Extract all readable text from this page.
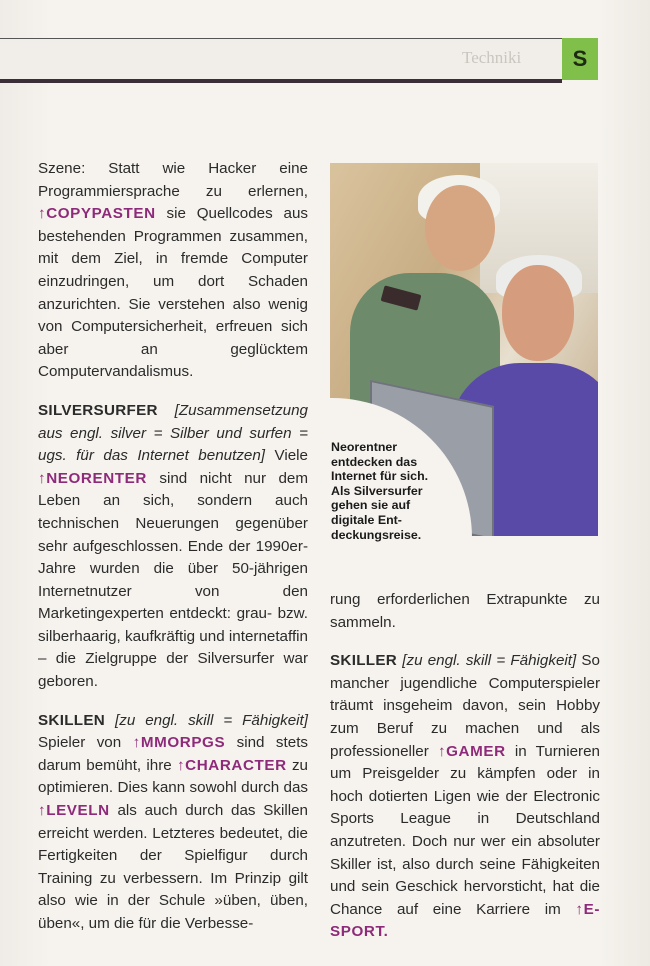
Techniki S

Szene: Statt wie Hacker eine Programmiersprache zu erlernen, ↑COPYPASTEN sie Quellcodes aus bestehenden Programmen zusammen, mit dem Ziel, in fremde Computer einzudringen, um dort Schaden anzurichten. Sie verstehen also wenig von Computersicherheit, erfreuen sich aber an geglücktem Computervandalismus.

SILVERSURFER [Zusammensetzung aus engl. silver = Silber und surfen = ugs. für das Internet benutzen] Viele ↑NEORENTER sind nicht nur dem Leben an sich, sondern auch technischen Neuerungen gegenüber sehr aufgeschlossen. Ende der 1990er-Jahre wurden die über 50-jährigen Internetnutzer von den Marketingexperten entdeckt: grau- bzw. silberhaarig, kaufkräftig und internetaffin – die Zielgruppe der Silversurfer war geboren.

SKILLEN [zu engl. skill = Fähigkeit] Spieler von ↑MMORPGS sind stets darum bemüht, ihre ↑CHARACTER zu optimieren. Dies kann sowohl durch das ↑LEVELN als auch durch das Skillen erreicht werden. Letzteres bedeutet, die Fertigkeiten der Spielfigur durch Training zu verbessern. Im Prinzip gilt also wie in der Schule »üben, üben, üben«, um die für die Verbesse-

Neorentner
entdecken das
Internet für sich.
Als Silversurfer
gehen sie auf
digitale Ent-
deckungsreise.

rung erforderlichen Extrapunkte zu sammeln.

SKILLER [zu engl. skill = Fähigkeit] So mancher jugendliche Computerspieler träumt insgeheim davon, sein Hobby zum Beruf zu machen und als professioneller ↑GAMER in Turnieren um Preisgelder zu kämpfen oder in hoch dotierten Ligen wie der Electronic Sports League in Deutschland anzutreten. Doch nur wer ein absoluter Skiller ist, also durch seine Fähigkeiten und sein Geschick hervorsticht, hat die Chance auf eine Karriere im ↑E-SPORT.
